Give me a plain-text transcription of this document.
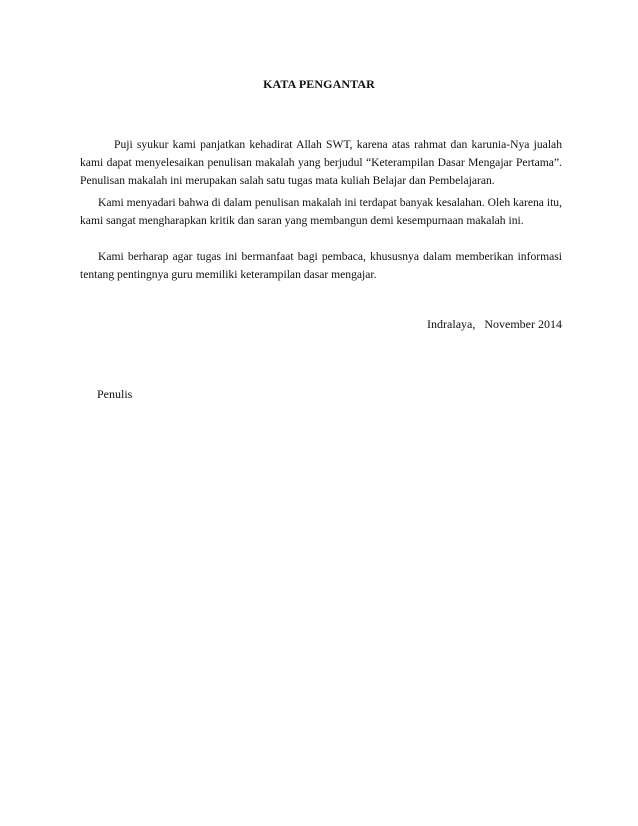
KATA PENGANTAR

Puji syukur kami panjatkan kehadirat Allah SWT, karena atas rahmat dan karunia-Nya jualah kami dapat menyelesaikan penulisan makalah yang berjudul “Keterampilan Dasar Mengajar Pertama”. Penulisan makalah ini merupakan salah satu tugas mata kuliah Belajar dan Pembelajaran.

Kami menyadari bahwa di dalam penulisan makalah ini terdapat banyak kesalahan. Oleh karena itu, kami sangat mengharapkan kritik dan saran yang membangun demi kesempurnaan makalah ini.

Kami berharap agar tugas ini bermanfaat bagi pembaca, khususnya dalam memberikan informasi tentang pentingnya guru memiliki keterampilan dasar mengajar.

Indralaya,   November 2014
Penulis
